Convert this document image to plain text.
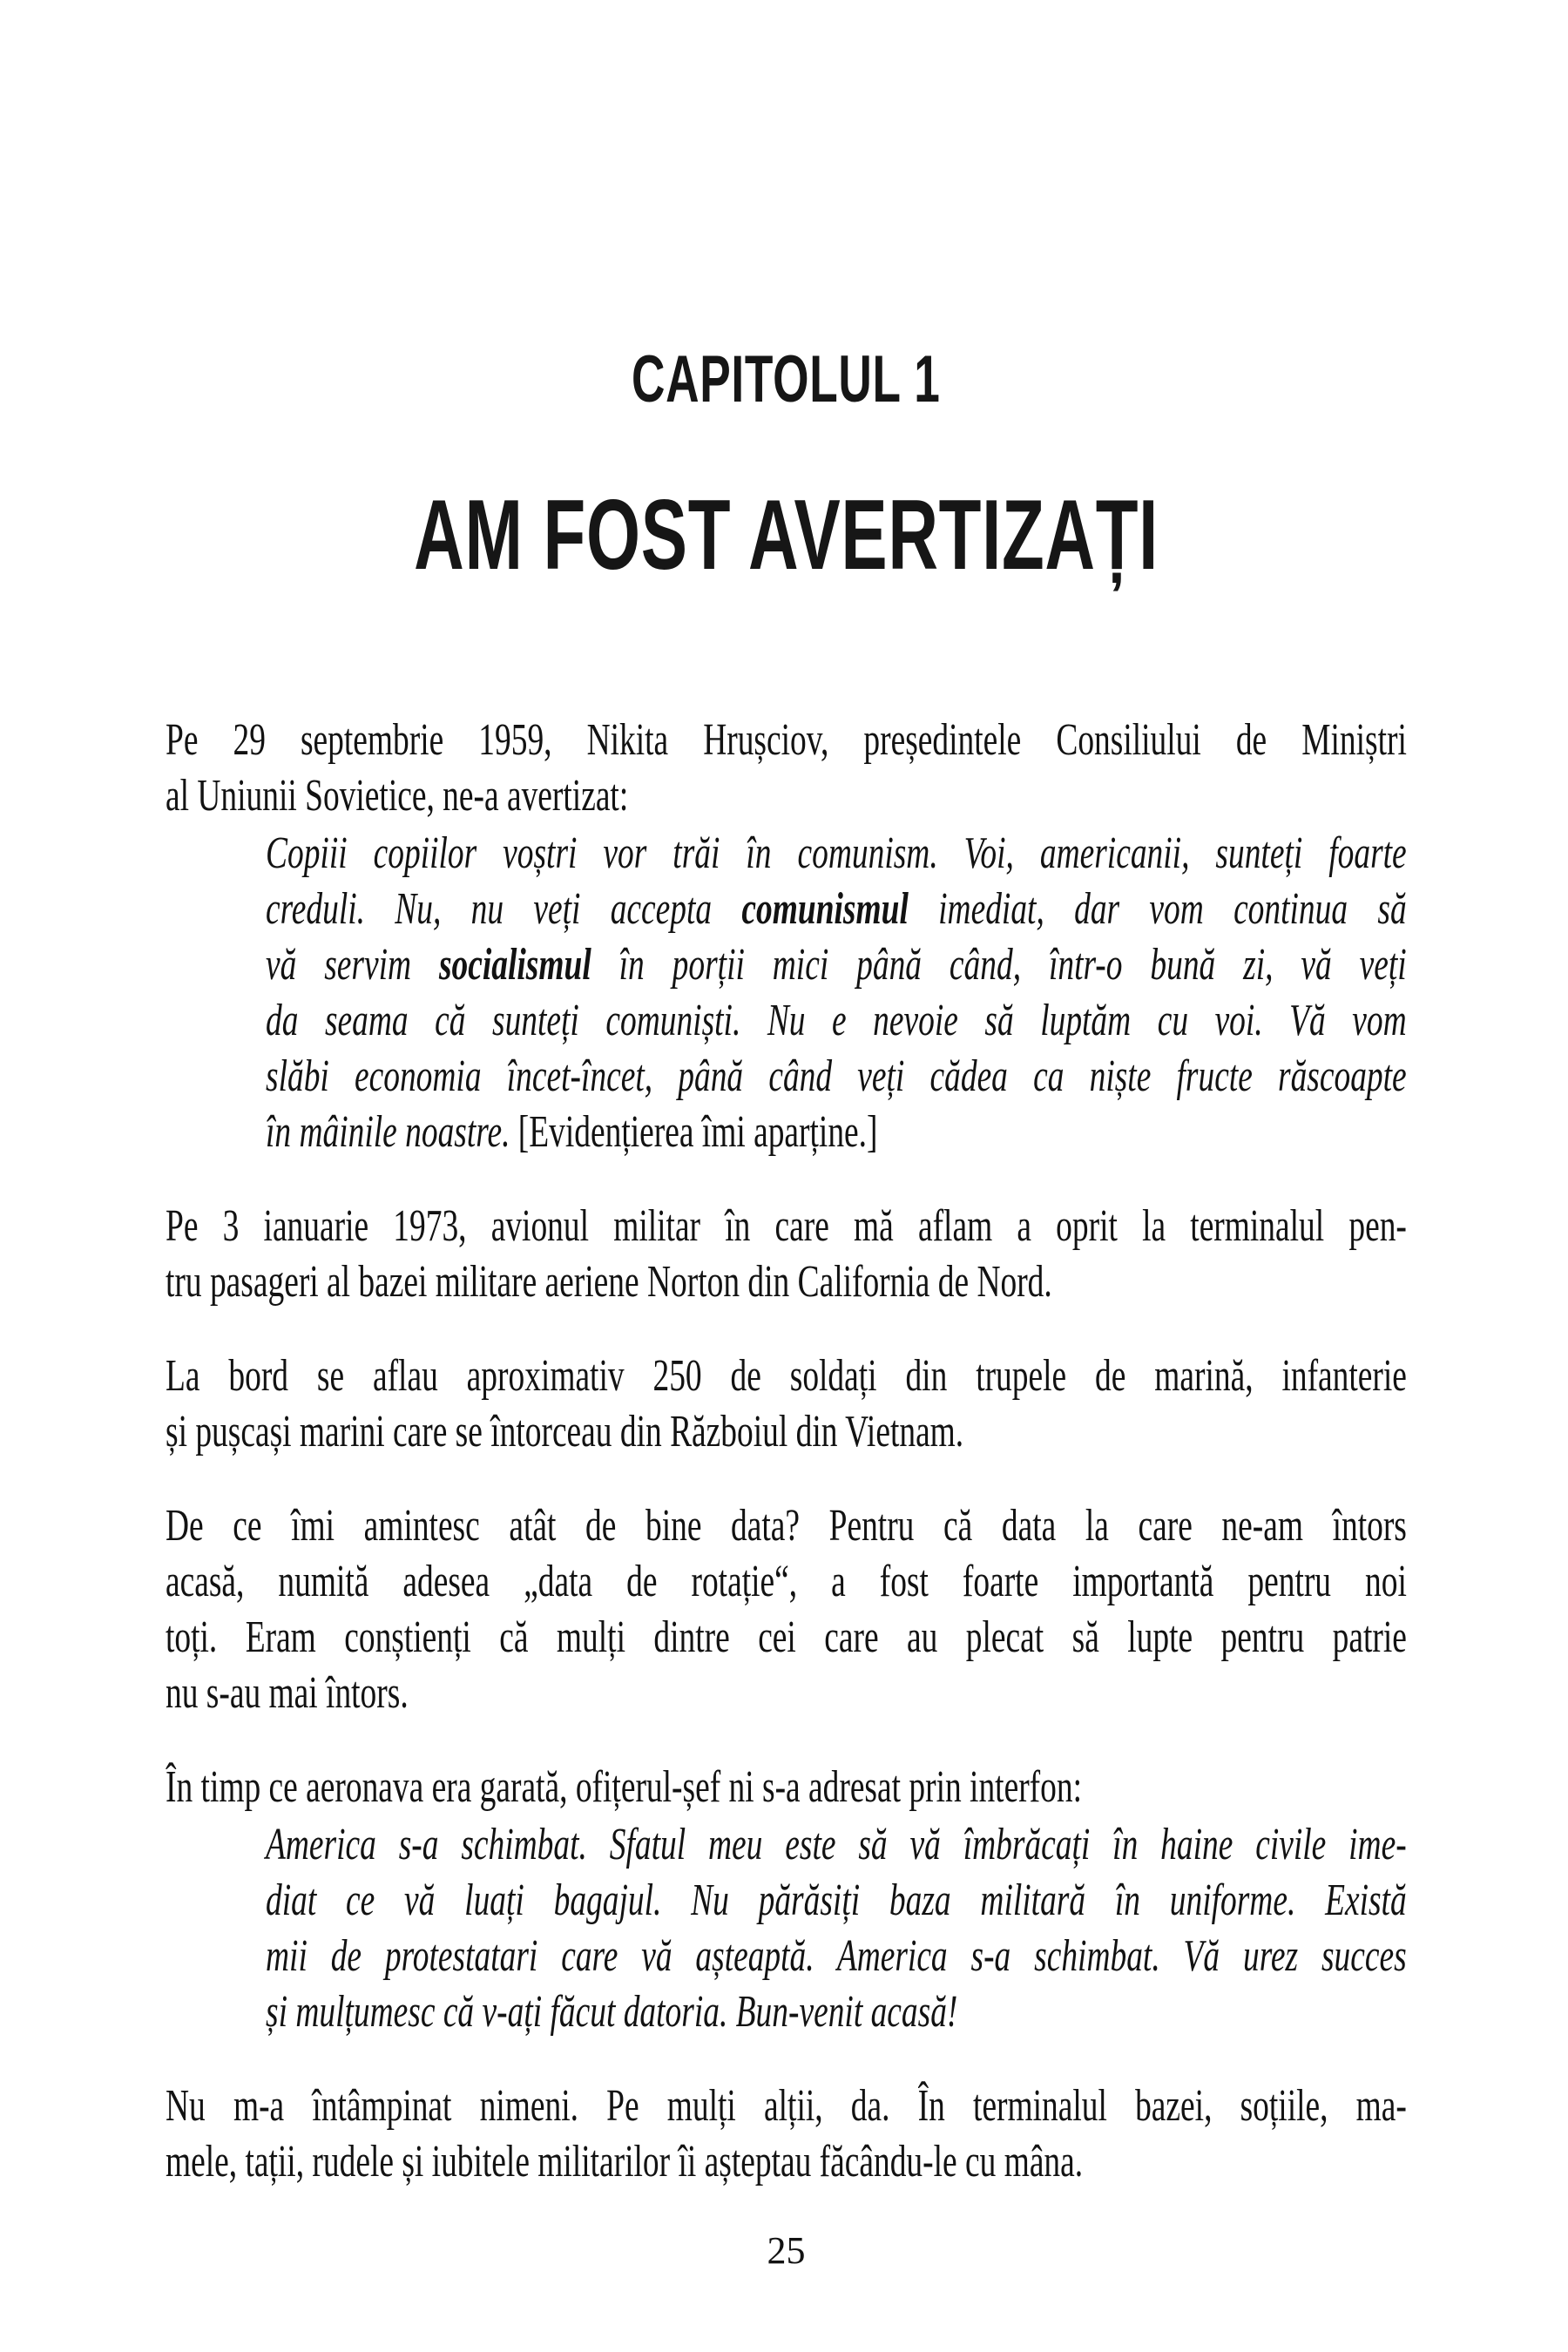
CAPITOLUL 1
AM FOST AVERTIZAȚI

Pe 29 septembrie 1959, Nikita Hrușciov, președintele Consiliului de Miniștri
al Uniunii Sovietice, ne-a avertizat:

Copiii copiilor voștri vor trăi în comunism. Voi, americanii, sunteți foarte
creduli. Nu, nu veți accepta comunismul imediat, dar vom continua să
vă servim socialismul în porții mici până când, într-o bună zi, vă veți
da seama că sunteți comuniști. Nu e nevoie să luptăm cu voi. Vă vom
slăbi economia încet-încet, până când veți cădea ca niște fructe răscoapte
în mâinile noastre. [Evidențierea îmi aparține.]

Pe 3 ianuarie 1973, avionul militar în care mă aflam a oprit la terminalul pen-
tru pasageri al bazei militare aeriene Norton din California de Nord.

La bord se aflau aproximativ 250 de soldați din trupele de marină, infanterie
și pușcași marini care se întorceau din Războiul din Vietnam.

De ce îmi amintesc atât de bine data? Pentru că data la care ne-am întors
acasă, numită adesea „data de rotație“, a fost foarte importantă pentru noi
toți. Eram conștienți că mulți dintre cei care au plecat să lupte pentru patrie
nu s-au mai întors.

În timp ce aeronava era garată, ofițerul-șef ni s-a adresat prin interfon:

America s-a schimbat. Sfatul meu este să vă îmbrăcați în haine civile ime-
diat ce vă luați bagajul. Nu părăsiți baza militară în uniforme. Există
mii de protestatari care vă așteaptă. America s-a schimbat. Vă urez succes
și mulțumesc că v-ați făcut datoria. Bun-venit acasă!

Nu m-a întâmpinat nimeni. Pe mulți alții, da. În terminalul bazei, soțiile, ma-
mele, tații, rudele și iubitele militarilor îi așteptau făcându-le cu mâna.

25
